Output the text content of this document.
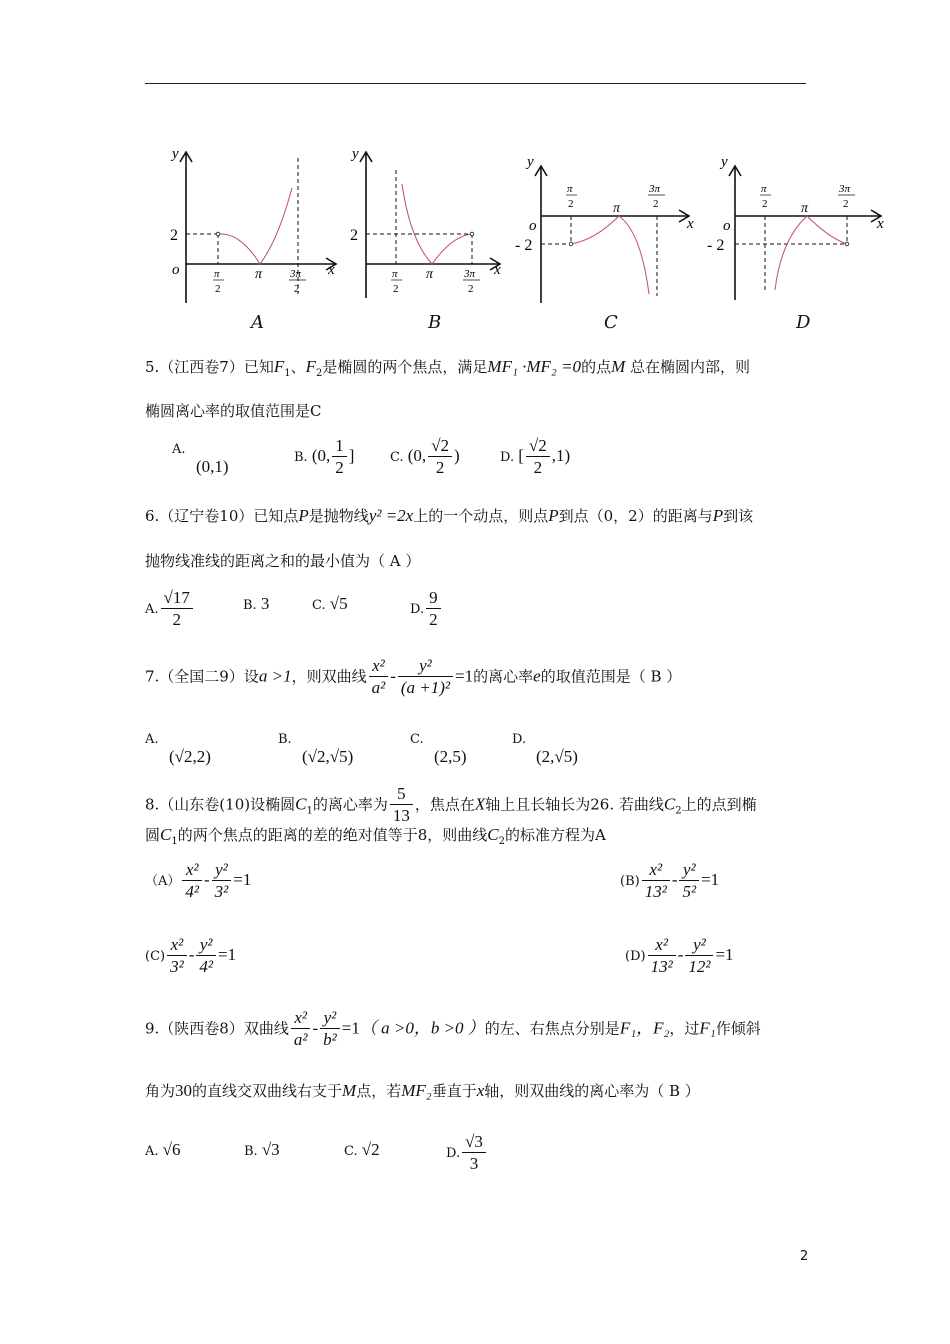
y
x
o
2
π
2
π	3π
2
A
y
x
2
π
2
π	3π
2
B
y
x
o
- 2
π
2	π
3π
2
C
y
x
o
- 2
π
2 π
3π
2
D
5.（江西卷7）已知$F_1$、$F_2$是椭圆的两个焦点，满足MF₁ ·MF₂ =0的点M 总在椭圆内部，则
椭圆离心率的取值范围是C
A.
(0,1)	B. (0, $\frac{1}{2}$ ]	C. (0, $\frac{√2}{2}$ )	D. [ $\frac{√2}{2} ,1$)
6.（辽宁卷10）已知点P是抛物线y² =2x上的一个动点，则点P到点（0，2）的距离与P到该
抛物线准线的距离之和的最小值为（ A ）
A. $\frac{√17}{2}$	B. 3	C. √5	D. $\frac{9}{2}$
7.（全国二9）设a >1，则双曲线 $\frac{\text{x²}}{\text{a²}} - \frac{\text{y²}}{\text{(a +1)²}} =1$的离心率e的取值范围是（ B ）
A.
(√2,2)
B.
(√2,√5)
C.
(2,5)
D.
(2,√5)
8.（山东卷(10)设椭圆$C_1$的离心率为 $\frac{5}{13}$ ，焦点在X轴上且长轴长为26. 若曲线$C_2$上的点到椭
圆$C_1$的两个焦点的距离的差的绝对值等于8，则曲线$C_2$的标准方程为A
$(A) \frac{\text{x²}}{\text{4²}} - \frac{\text{y²}}{\text{3²}} =1$	$(B) \frac{\text{x²}}{\text{13²}} - \frac{\text{y²}}{\text{5²}} =1$
$(C) \frac{\text{x²}}{\text{3²}} - \frac{\text{y²}}{\text{4²}} =1$	$(D) \frac{\text{x²}}{\text{13²}} - \frac{\text{y²}}{\text{12²}} =1$
9.（陕西卷8）双曲线 $\frac{\text{x²}}{\text{a²}} - \frac{\text{y²}}{\text{b²}} =1$（ a >0，b >0 ）的左、右焦点分别是F₁，F₂，过F₁作倾斜
角为30的直线交双曲线右支于M点，若MF₂垂直于x轴，则双曲线的离心率为（ B ）
A. √6	B. √3	C. √2	D. $\frac{√3}{3}$
2
